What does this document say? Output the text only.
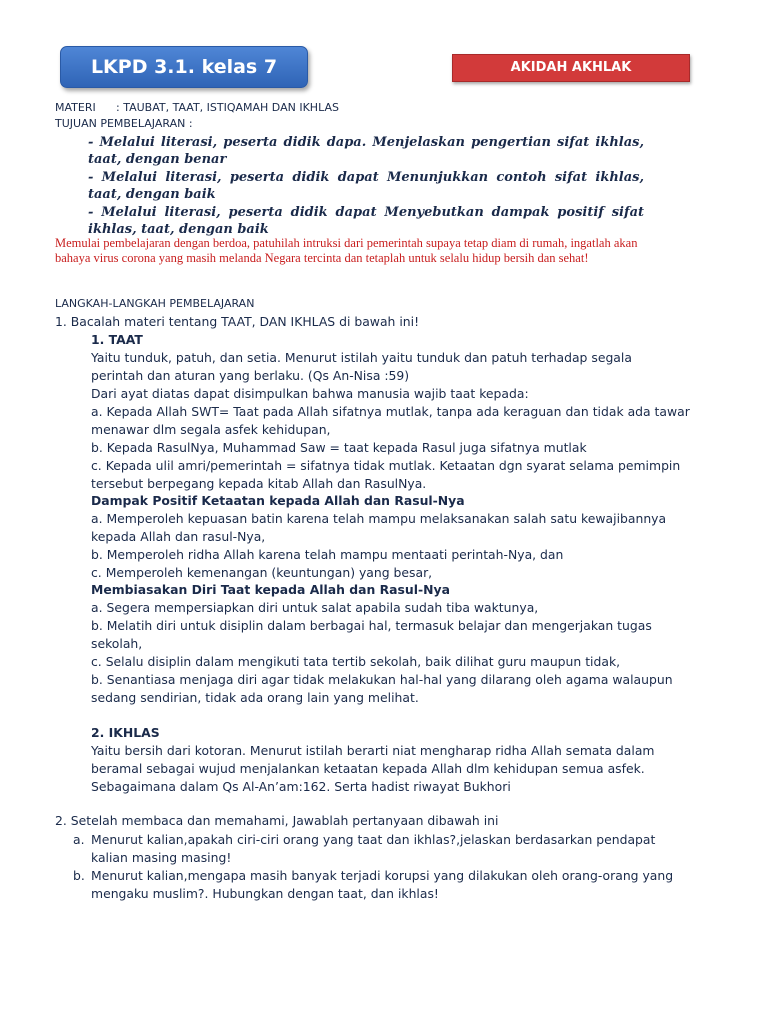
LKPD 3.1. kelas 7	AKIDAH AKHLAK
MATERI : TAUBAT, TAAT, ISTIQAMAH DAN IKHLAS
TUJUAN PEMBELAJARAN :
- Melalui literasi, peserta didik dapa. Menjelaskan pengertian sifat ikhlas, taat, dengan benar
- Melalui literasi, peserta didik dapat Menunjukkan contoh sifat ikhlas, taat, dengan baik
- Melalui literasi, peserta didik dapat Menyebutkan dampak positif sifat ikhlas, taat, dengan baik
Memulai pembelajaran dengan berdoa, patuhilah intruksi dari pemerintah supaya tetap diam di rumah, ingatlah akan bahaya virus corona yang masih melanda Negara tercinta dan tetaplah untuk selalu hidup bersih dan sehat!
LANGKAH-LANGKAH PEMBELAJARAN
1. Bacalah materi tentang TAAT, DAN IKHLAS di bawah ini!
1. TAAT
Yaitu tunduk, patuh, dan setia. Menurut istilah yaitu tunduk dan patuh terhadap segala
perintah dan aturan yang berlaku. (Qs An-Nisa :59)
Dari ayat diatas dapat disimpulkan bahwa manusia wajib taat kepada:
a. Kepada Allah SWT= Taat pada Allah sifatnya mutlak, tanpa ada keraguan dan tidak ada tawar
menawar dlm segala asfek kehidupan,
b. Kepada RasulNya, Muhammad Saw = taat kepada Rasul juga sifatnya mutlak
c. Kepada ulil amri/pemerintah = sifatnya tidak mutlak. Ketaatan dgn syarat selama pemimpin
tersebut berpegang kepada kitab Allah dan RasulNya.
Dampak Positif Ketaatan kepada Allah dan Rasul-Nya
a. Memperoleh kepuasan batin karena telah mampu melaksanakan salah satu kewajibannya
kepada Allah dan rasul-Nya,
b. Memperoleh ridha Allah karena telah mampu mentaati perintah-Nya, dan
c. Memperoleh kemenangan (keuntungan) yang besar,
Membiasakan Diri Taat kepada Allah dan Rasul-Nya
a. Segera mempersiapkan diri untuk salat apabila sudah tiba waktunya,
b. Melatih diri untuk disiplin dalam berbagai hal, termasuk belajar dan mengerjakan tugas
sekolah,
c. Selalu disiplin dalam mengikuti tata tertib sekolah, baik dilihat guru maupun tidak,
b. Senantiasa menjaga diri agar tidak melakukan hal-hal yang dilarang oleh agama walaupun
sedang sendirian, tidak ada orang lain yang melihat.
2. IKHLAS
Yaitu bersih dari kotoran. Menurut istilah berarti niat mengharap ridha Allah semata dalam
beramal sebagai wujud menjalankan ketaatan kepada Allah dlm kehidupan semua asfek.
Sebagaimana dalam Qs Al-An’am:162. Serta hadist riwayat Bukhori
2. Setelah membaca dan memahami, Jawablah pertanyaan dibawah ini
a. Menurut kalian,apakah ciri-ciri orang yang taat dan ikhlas?,jelaskan berdasarkan pendapat
kalian masing masing!
b. Menurut kalian,mengapa masih banyak terjadi korupsi yang dilakukan oleh orang-orang yang
mengaku muslim?. Hubungkan dengan taat, dan ikhlas!
